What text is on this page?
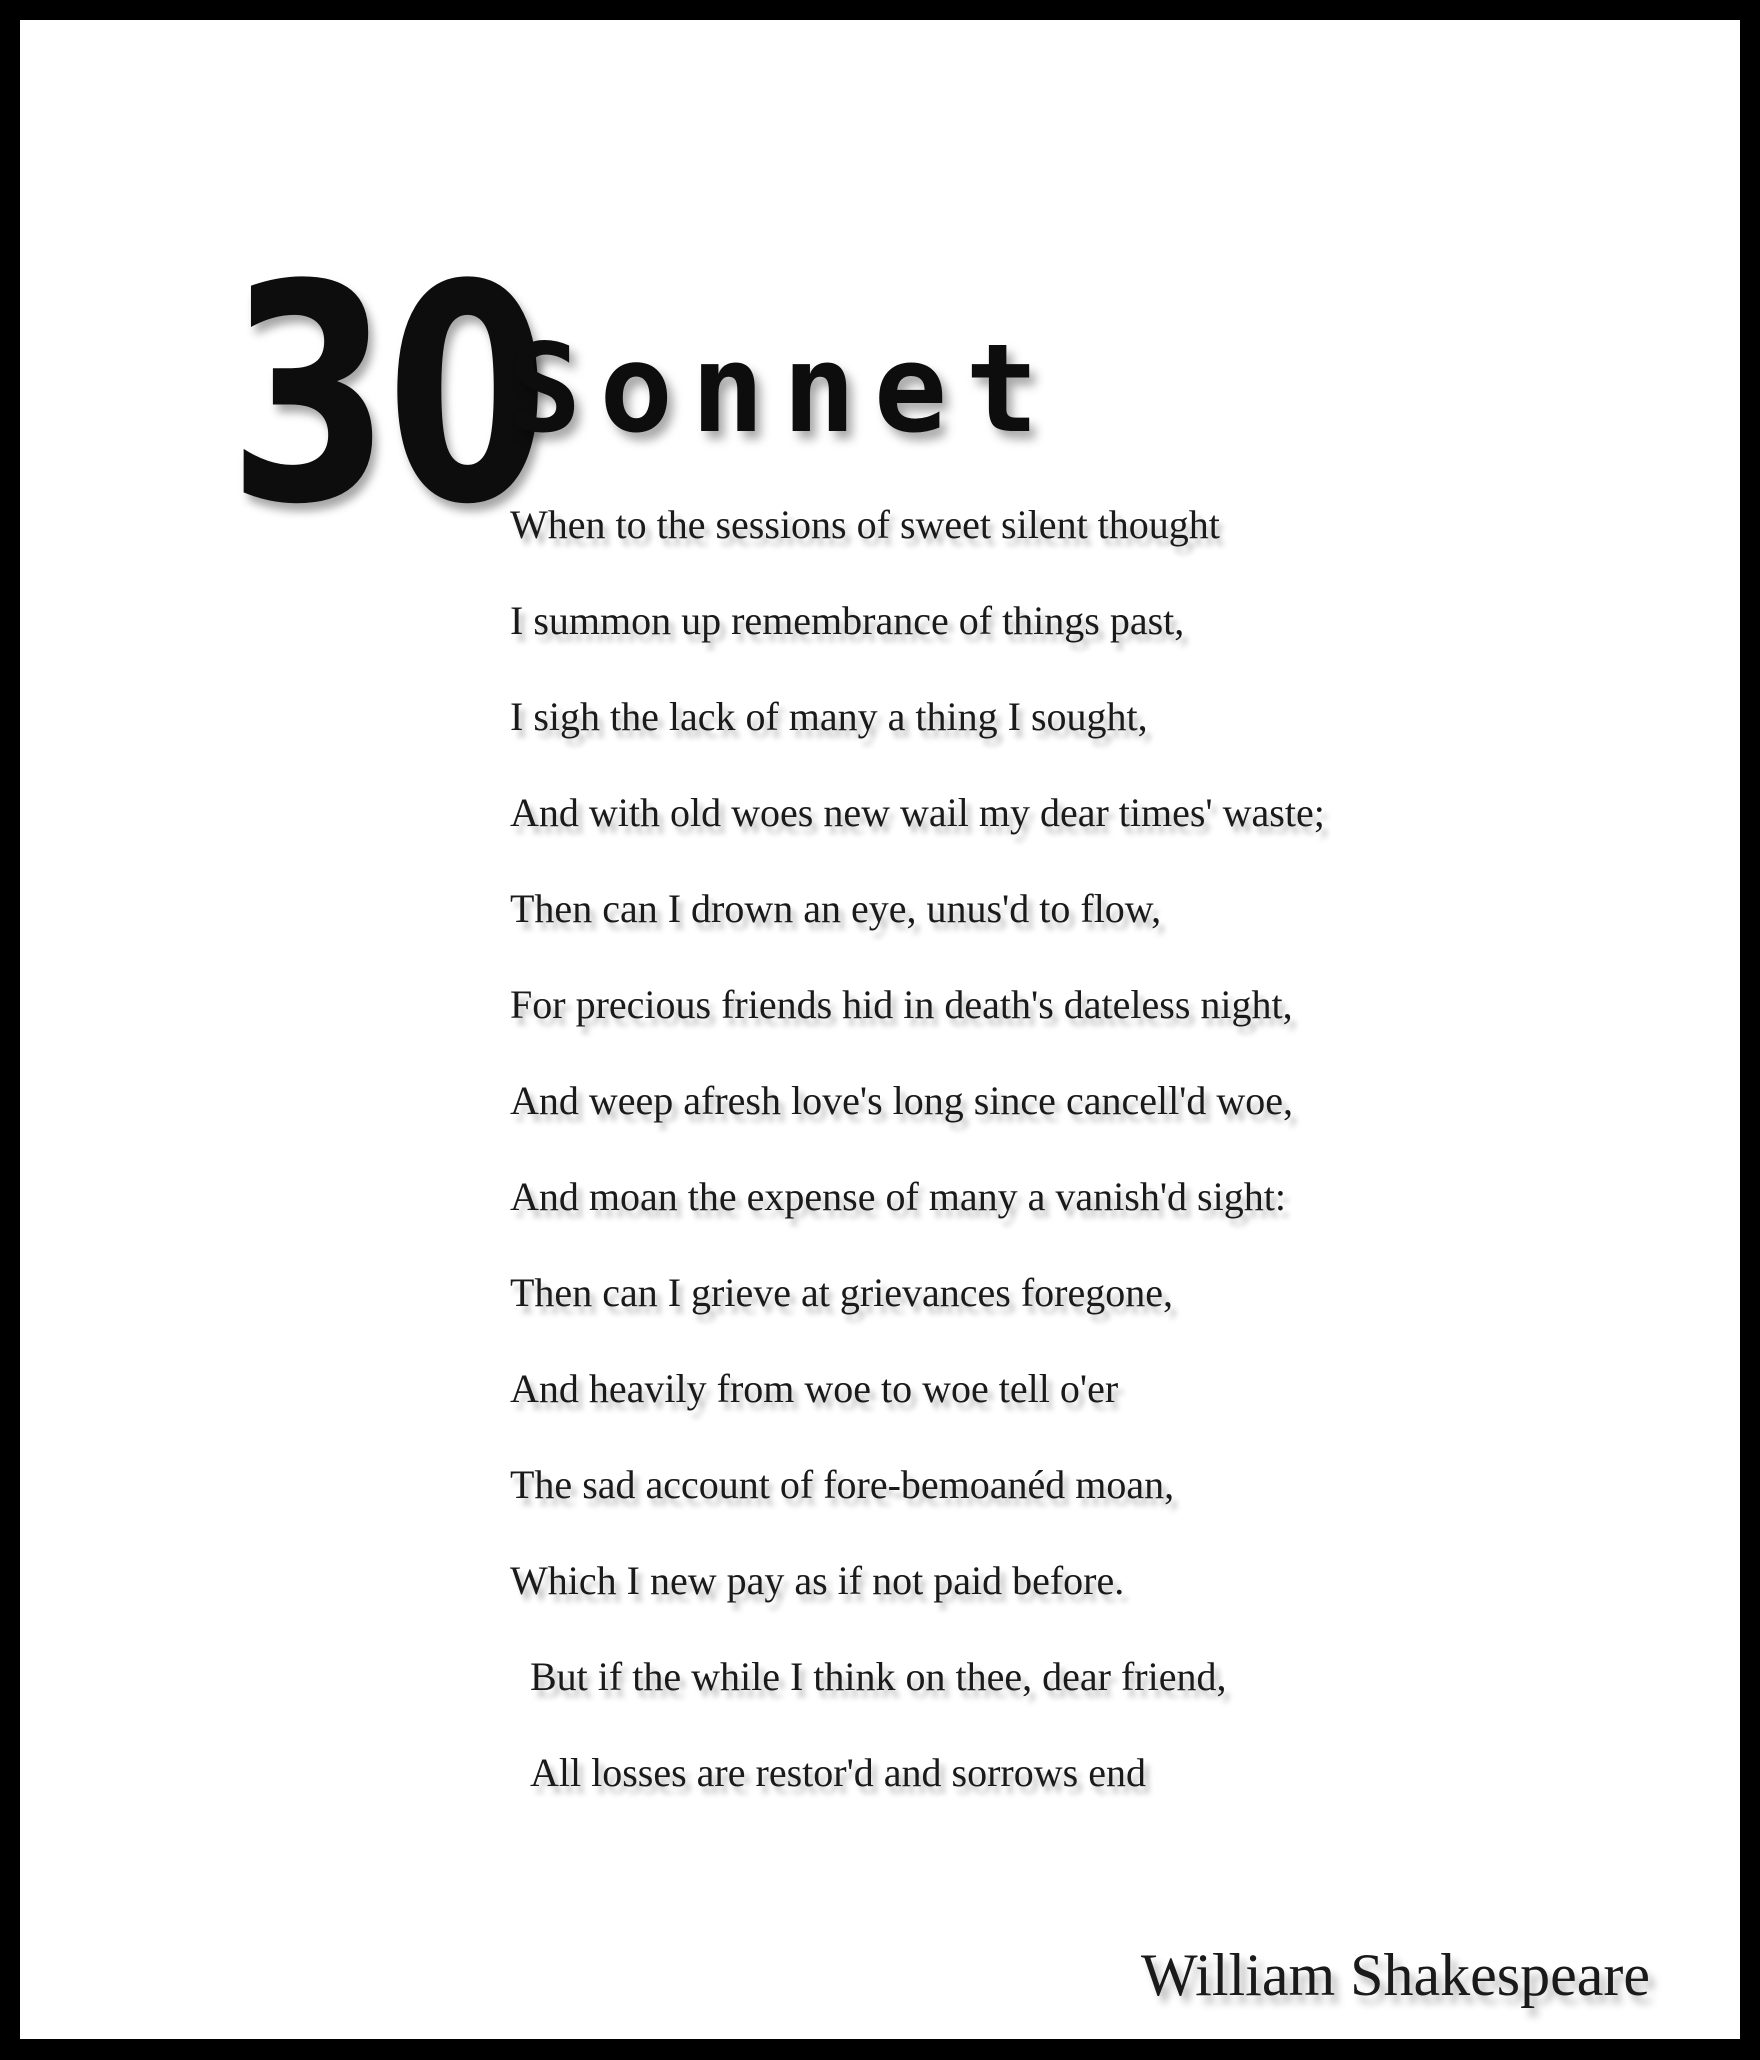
30
Sonnet
When to the sessions of sweet silent thought
I summon up remembrance of things past,
I sigh the lack of many a thing I sought,
And with old woes new wail my dear times' waste;
Then can I drown an eye, unus'd to flow,
For precious friends hid in death's dateless night,
And weep afresh love's long since cancell'd woe,
And moan the expense of many a vanish'd sight:
Then can I grieve at grievances foregone,
And heavily from woe to woe tell o'er
The sad account of fore-bemoanéd moan,
Which I new pay as if not paid before.
But if the while I think on thee, dear friend,
All losses are restor'd and sorrows end
William Shakespeare
